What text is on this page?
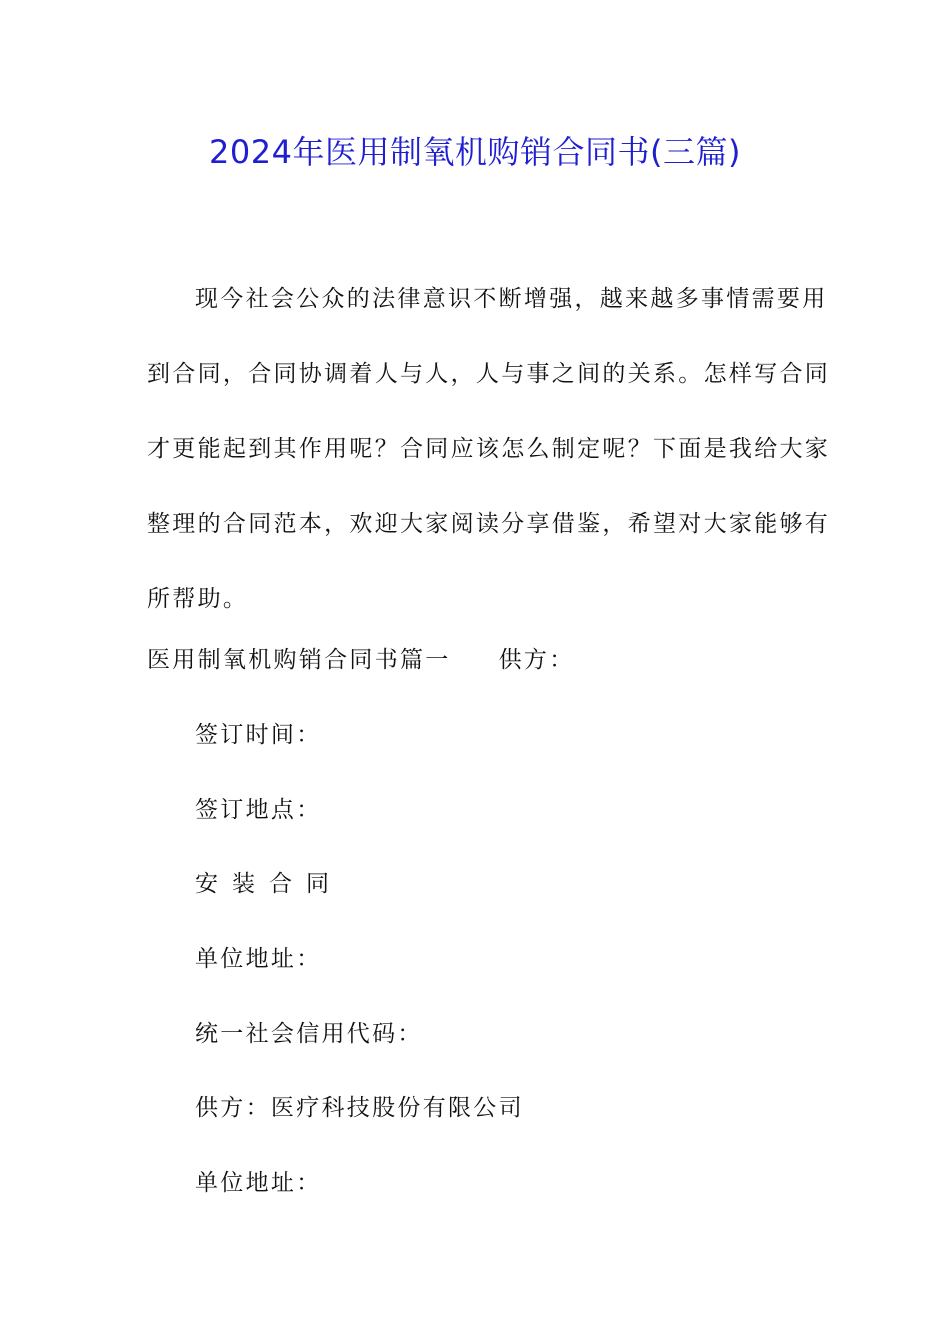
2024年医用制氧机购销合同书(三篇)
现今社会公众的法律意识不断增强，越来越多事情需要用
到合同，合同协调着人与人，人与事之间的关系。怎样写合同
才更能起到其作用呢？合同应该怎么制定呢？下面是我给大家
整理的合同范本，欢迎大家阅读分享借鉴，希望对大家能够有
所帮助。
医用制氧机购销合同书篇一 供方：
签订时间：
签订地点：
安装合同
单位地址：
统一社会信用代码：
供方：医疗科技股份有限公司
单位地址：
